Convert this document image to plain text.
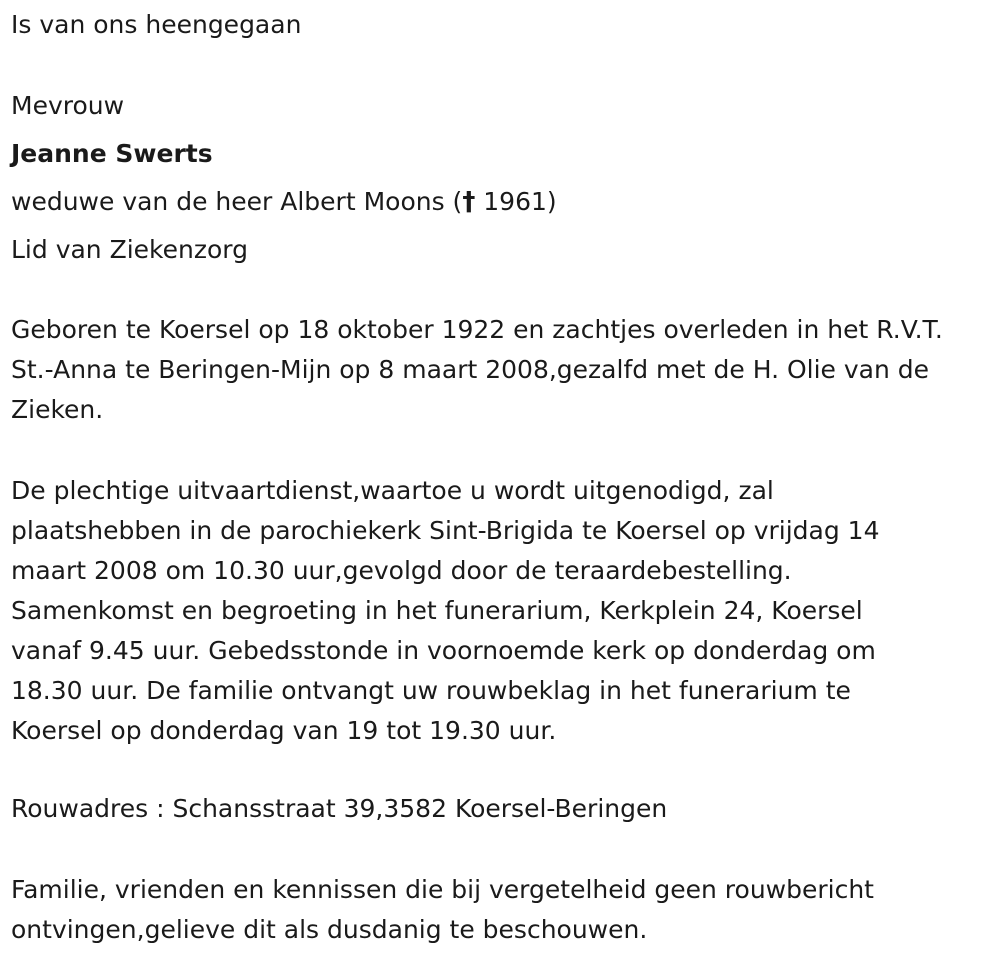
Is van ons heengegaan
Mevrouw
Jeanne Swerts
weduwe van de heer Albert Moons († 1961)
Lid van Ziekenzorg
Geboren te Koersel op 18 oktober 1922 en zachtjes overleden in het R.V.T.
St.-Anna te Beringen-Mijn op 8 maart 2008,gezalfd met de H. Olie van de
Zieken.
De plechtige uitvaartdienst,waartoe u wordt uitgenodigd, zal
plaatshebben in de parochiekerk Sint-Brigida te Koersel op vrijdag 14
maart 2008 om 10.30 uur,gevolgd door de teraardebestelling.
Samenkomst en begroeting in het funerarium, Kerkplein 24, Koersel
vanaf 9.45 uur. Gebedsstonde in voornoemde kerk op donderdag om
18.30 uur. De familie ontvangt uw rouwbeklag in het funerarium te
Koersel op donderdag van 19 tot 19.30 uur.
Rouwadres : Schansstraat 39,3582 Koersel-Beringen
Familie, vrienden en kennissen die bij vergetelheid geen rouwbericht
ontvingen,gelieve dit als dusdanig te beschouwen.
